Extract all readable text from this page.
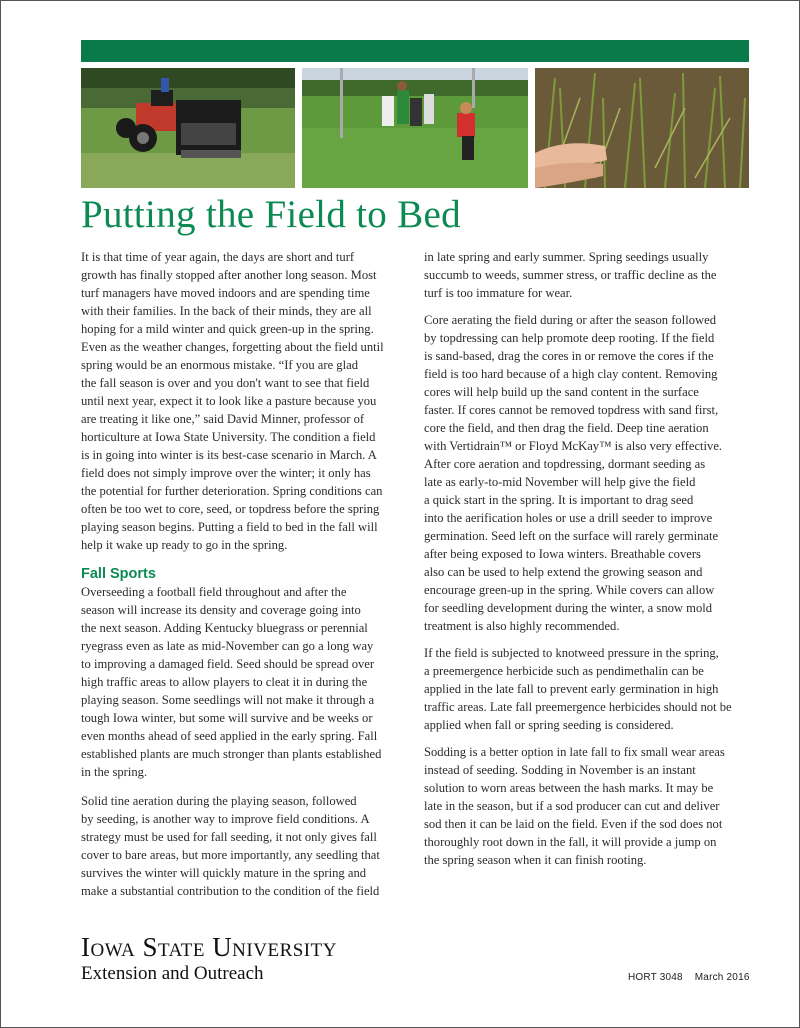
Putting the Field to Bed

It is that time of year again, the days are short and turf
growth has finally stopped after another long season. Most
turf managers have moved indoors and are spending time
with their families. In the back of their minds, they are all
hoping for a mild winter and quick green-up in the spring.
Even as the weather changes, forgetting about the field until
spring would be an enormous mistake. “If you are glad
the fall season is over and you don't want to see that field
until next year, expect it to look like a pasture because you
are treating it like one,” said David Minner, professor of
horticulture at Iowa State University. The condition a field
is in going into winter is its best-case scenario in March. A
field does not simply improve over the winter; it only has
the potential for further deterioration. Spring conditions can
often be too wet to core, seed, or topdress before the spring
playing season begins. Putting a field to bed in the fall will
help it wake up ready to go in the spring.

Fall Sports

Overseeding a football field throughout and after the
season will increase its density and coverage going into
the next season. Adding Kentucky bluegrass or perennial
ryegrass even as late as mid-November can go a long way
to improving a damaged field. Seed should be spread over
high traffic areas to allow players to cleat it in during the
playing season. Some seedlings will not make it through a
tough Iowa winter, but some will survive and be weeks or
even months ahead of seed applied in the early spring. Fall
established plants are much stronger than plants established
in the spring.

Solid tine aeration during the playing season, followed
by seeding, is another way to improve field conditions. A
strategy must be used for fall seeding, it not only gives fall
cover to bare areas, but more importantly, any seedling that
survives the winter will quickly mature in the spring and
make a substantial contribution to the condition of the field

in late spring and early summer. Spring seedings usually
succumb to weeds, summer stress, or traffic decline as the
turf is too immature for wear.

Core aerating the field during or after the season followed
by topdressing can help promote deep rooting. If the field
is sand-based, drag the cores in or remove the cores if the
field is too hard because of a high clay content. Removing
cores will help build up the sand content in the surface
faster. If cores cannot be removed topdress with sand first,
core the field, and then drag the field. Deep tine aeration
with Vertidrain™ or Floyd McKay™ is also very effective.
After core aeration and topdressing, dormant seeding as
late as early-to-mid November will help give the field
a quick start in the spring. It is important to drag seed
into the aerification holes or use a drill seeder to improve
germination. Seed left on the surface will rarely germinate
after being exposed to Iowa winters. Breathable covers
also can be used to help extend the growing season and
encourage green-up in the spring. While covers can allow
for seedling development during the winter, a snow mold
treatment is also highly recommended.

If the field is subjected to knotweed pressure in the spring,
a preemergence herbicide such as pendimethalin can be
applied in the late fall to prevent early germination in high
traffic areas. Late fall preemergence herbicides should not be
applied when fall or spring seeding is considered.

Sodding is a better option in late fall to fix small wear areas
instead of seeding. Sodding in November is an instant
solution to worn areas between the hash marks. It may be
late in the season, but if a sod producer can cut and deliver
sod then it can be laid on the field. Even if the sod does not
thoroughly root down in the fall, it will provide a jump on
the spring season when it can finish rooting.

Iowa State University
Extension and Outreach	HORT 3048 March 2016
